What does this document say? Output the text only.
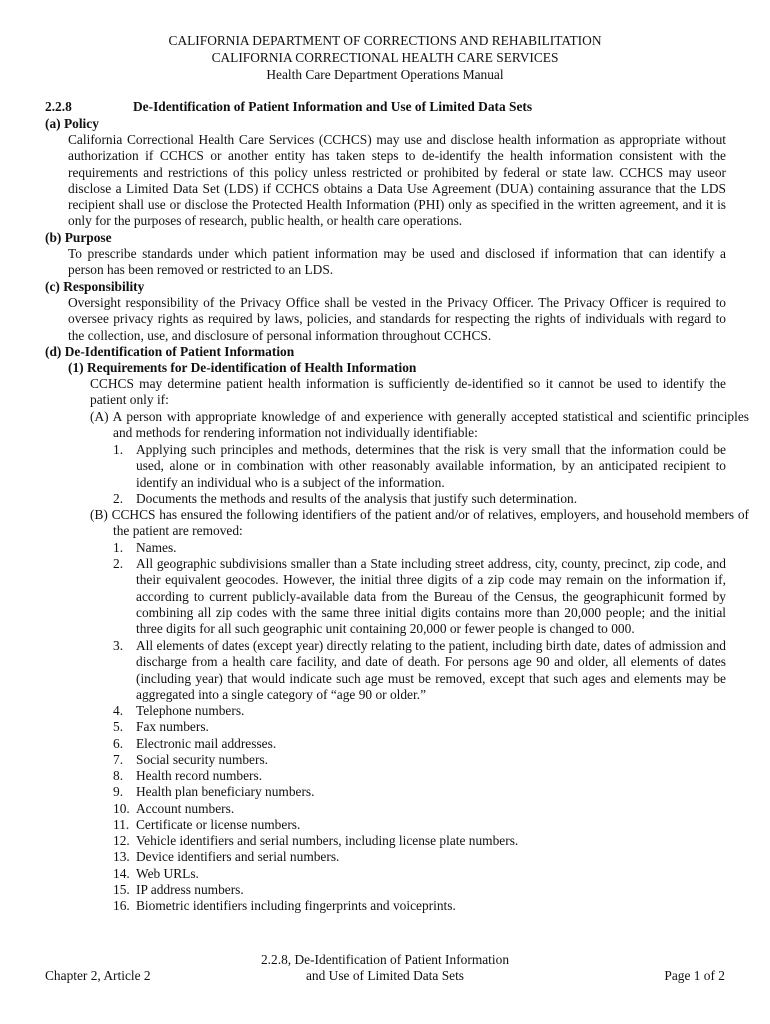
CALIFORNIA DEPARTMENT OF CORRECTIONS AND REHABILITATION
CALIFORNIA CORRECTIONAL HEALTH CARE SERVICES
Health Care Department Operations Manual
2.2.8	De-Identification of Patient Information and Use of Limited Data Sets
(a) Policy
California Correctional Health Care Services (CCHCS) may use and disclose health information as appropriate without authorization if CCHCS or another entity has taken steps to de-identify the health information consistent with the requirements and restrictions of this policy unless restricted or prohibited by federal or state law. CCHCS may useor disclose a Limited Data Set (LDS) if CCHCS obtains a Data Use Agreement (DUA) containing assurance that the LDS recipient shall use or disclose the Protected Health Information (PHI) only as specified in the written agreement, and it is only for the purposes of research, public health, or health care operations.
(b) Purpose
To prescribe standards under which patient information may be used and disclosed if information that can identify a person has been removed or restricted to an LDS.
(c) Responsibility
Oversight responsibility of the Privacy Office shall be vested in the Privacy Officer. The Privacy Officer is required to oversee privacy rights as required by laws, policies, and standards for respecting the rights of individuals with regard to the collection, use, and disclosure of personal information throughout CCHCS.
(d) De-Identification of Patient Information
(1) Requirements for De-identification of Health Information
CCHCS may determine patient health information is sufficiently de-identified so it cannot be used to identify the patient only if:
(A) A person with appropriate knowledge of and experience with generally accepted statistical and scientific principles and methods for rendering information not individually identifiable:
1. Applying such principles and methods, determines that the risk is very small that the information could be used, alone or in combination with other reasonably available information, by an anticipated recipient to identify an individual who is a subject of the information.
2. Documents the methods and results of the analysis that justify such determination.
(B) CCHCS has ensured the following identifiers of the patient and/or of relatives, employers, and household members of the patient are removed:
1. Names.
2. All geographic subdivisions smaller than a State including street address, city, county, precinct, zip code, and their equivalent geocodes. However, the initial three digits of a zip code may remain on the information if, according to current publicly-available data from the Bureau of the Census, the geographicunit formed by combining all zip codes with the same three initial digits contains more than 20,000 people; and the initial three digits for all such geographic unit containing 20,000 or fewer people is changed to 000.
3. All elements of dates (except year) directly relating to the patient, including birth date, dates of admission and discharge from a health care facility, and date of death. For persons age 90 and older, all elements of dates (including year) that would indicate such age must be removed, except that such ages and elements may be aggregated into a single category of “age 90 or older.”
4. Telephone numbers.
5. Fax numbers.
6. Electronic mail addresses.
7. Social security numbers.
8. Health record numbers.
9. Health plan beneficiary numbers.
10. Account numbers.
11. Certificate or license numbers.
12. Vehicle identifiers and serial numbers, including license plate numbers.
13. Device identifiers and serial numbers.
14. Web URLs.
15. IP address numbers.
16. Biometric identifiers including fingerprints and voiceprints.
Chapter 2, Article 2
2.2.8, De-Identification of Patient Information
and Use of Limited Data Sets	Page 1 of 2
